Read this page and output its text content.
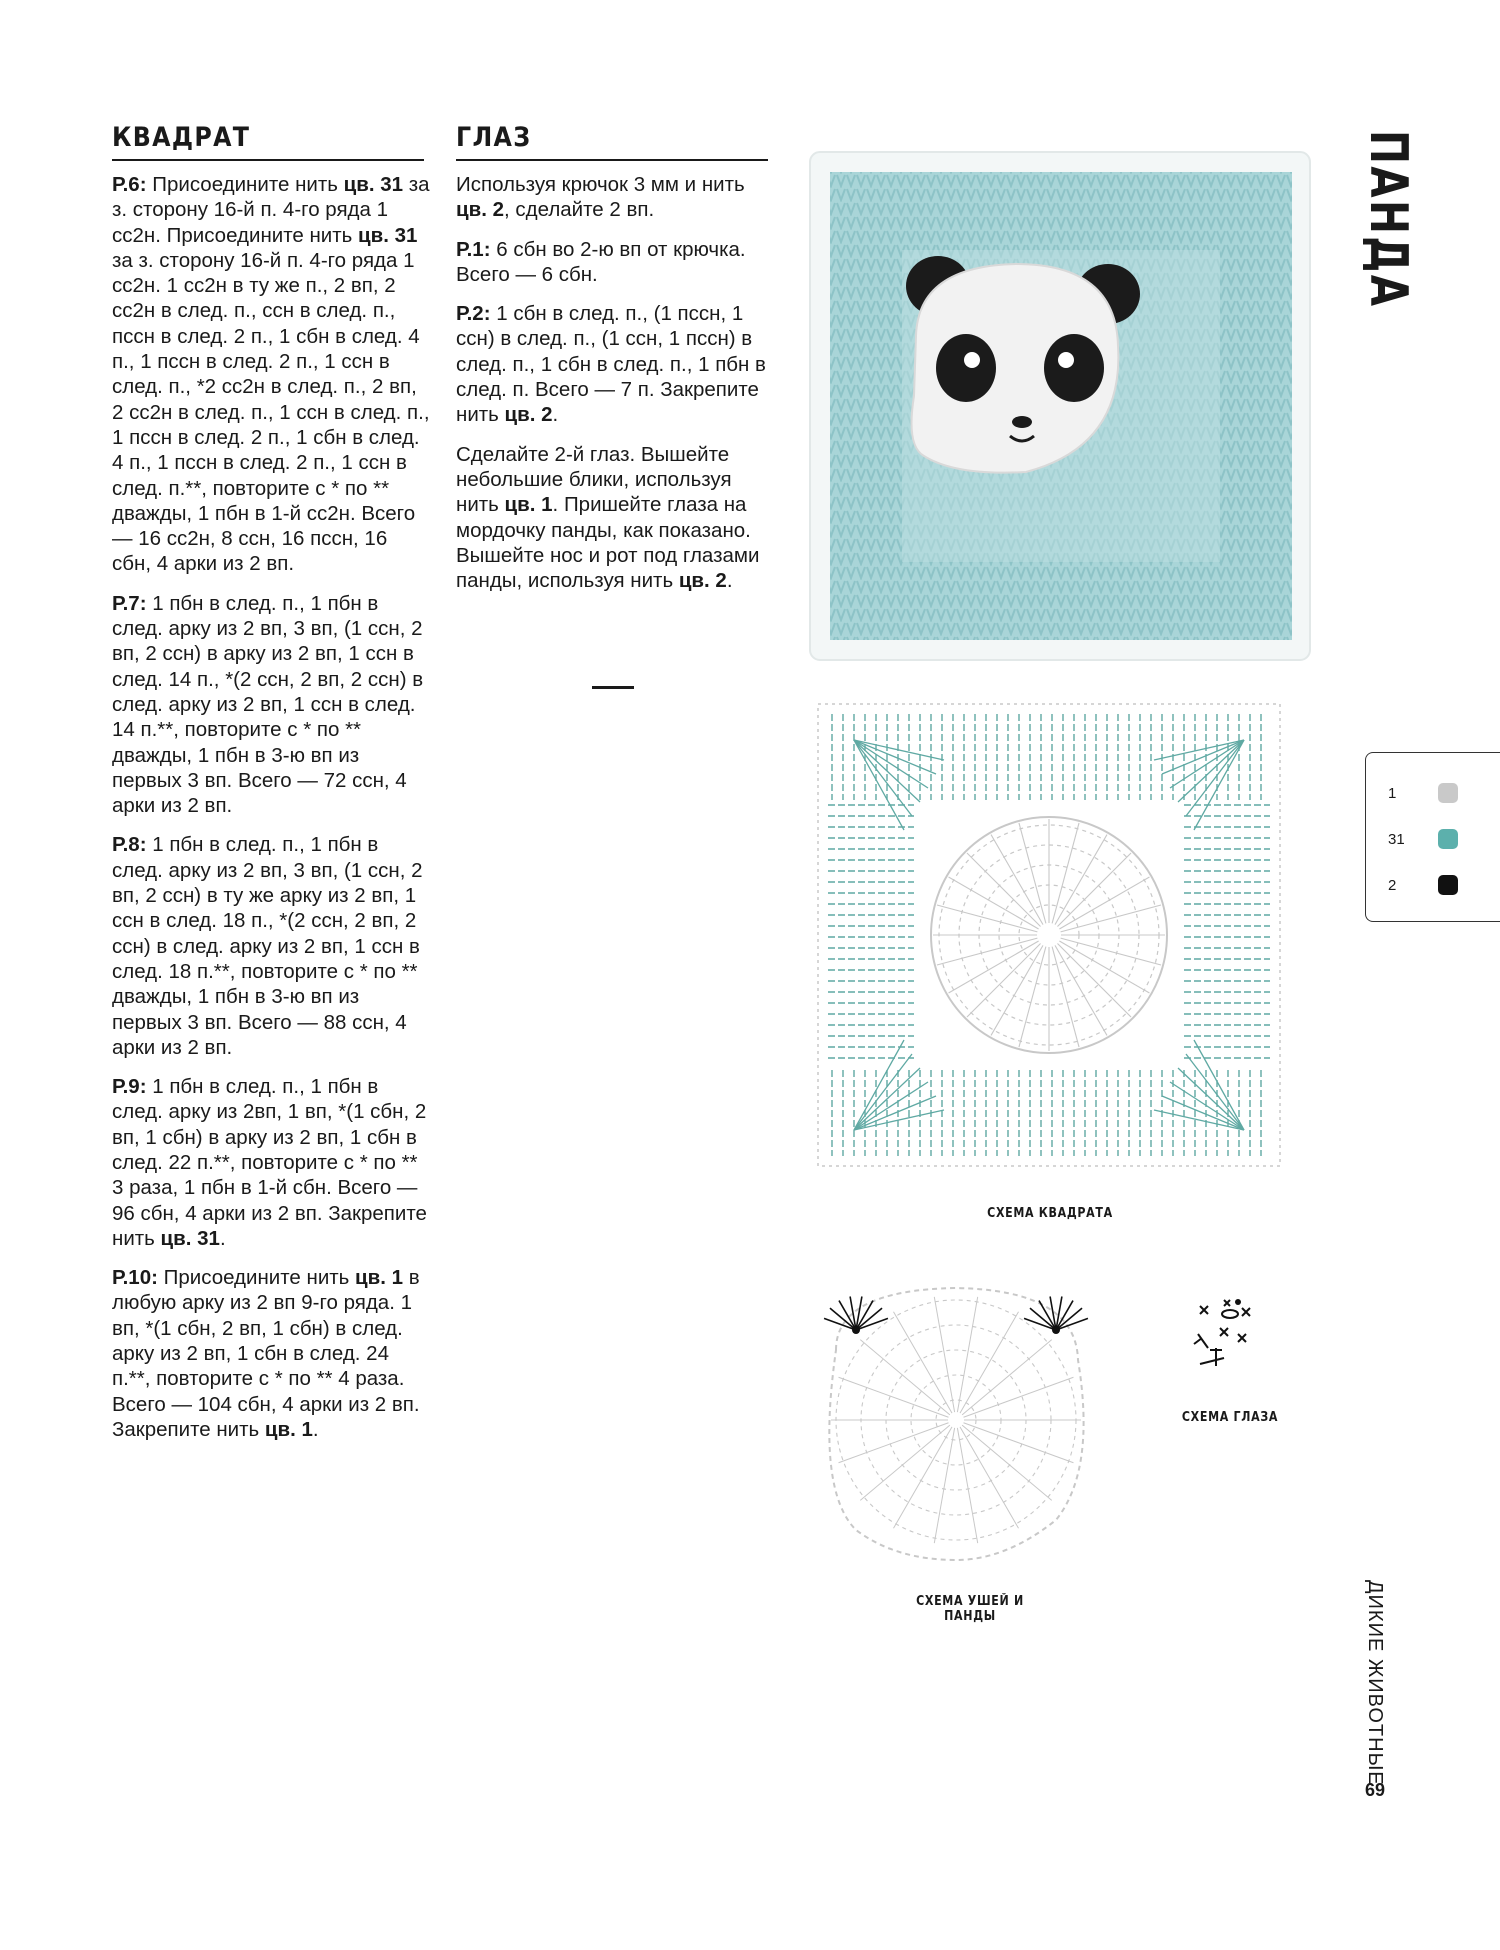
КВАДРАТ

Р.6: Присоедините нить цв. 31 за з. сторону 16-й п. 4-го ряда 1 сс2н. Присоедините нить цв. 31 за з. сторону 16-й п. 4-го ряда 1 сс2н. 1 сс2н в ту же п., 2 вп, 2 сс2н в след. п., ссн в след. п., пссн в след. 2 п., 1 сбн в след. 4 п., 1 пссн в след. 2 п., 1 ссн в след. п., *2 сс2н в след. п., 2 вп, 2 сс2н в след. п., 1 ссн в след. п., 1 пссн в след. 2 п., 1 сбн в след. 4 п., 1 пссн в след. 2 п., 1 ссн в след. п.**, повторите с * по ** дважды, 1 пбн в 1-й сс2н. Всего — 16 сс2н, 8 ссн, 16 пссн, 16 сбн, 4 арки из 2 вп.

Р.7: 1 пбн в след. п., 1 пбн в след. арку из 2 вп, 3 вп, (1 ссн, 2 вп, 2 ссн) в арку из 2 вп, 1 ссн в след. 14 п., *(2 ссн, 2 вп, 2 ссн) в след. арку из 2 вп, 1 ссн в след. 14 п.**, повторите с * по ** дважды, 1 пбн в 3-ю вп из первых 3 вп. Всего — 72 ссн, 4 арки из 2 вп.

Р.8: 1 пбн в след. п., 1 пбн в след. арку из 2 вп, 3 вп, (1 ссн, 2 вп, 2 ссн) в ту же арку из 2 вп, 1 ссн в след. 18 п., *(2 ссн, 2 вп, 2 ссн) в след. арку из 2 вп, 1 ссн в след. 18 п.**, повторите с * по ** дважды, 1 пбн в 3-ю вп из первых 3 вп. Всего — 88 ссн, 4 арки из 2 вп.

Р.9: 1 пбн в след. п., 1 пбн в след. арку из 2вп, 1 вп, *(1 сбн, 2 вп, 1 сбн) в арку из 2 вп, 1 сбн в след. 22 п.**, повторите с * по ** 3 раза, 1 пбн в 1-й сбн. Всего — 96 сбн, 4 арки из 2 вп. Закрепите нить цв. 31.

Р.10: Присоедините нить цв. 1 в любую арку из 2 вп 9-го ряда. 1 вп, *(1 сбн, 2 вп, 1 сбн) в след. арку из 2 вп, 1 сбн в след. 24 п.**, повторите с * по ** 4 раза. Всего — 104 сбн, 4 арки из 2 вп. Закрепите нить цв. 1.

ГЛАЗ

Используя крючок 3 мм и нить цв. 2, сделайте 2 вп.

Р.1: 6 сбн во 2-ю вп от крючка. Всего — 6 сбн.

Р.2: 1 сбн в след. п., (1 пссн, 1 ссн) в след. п., (1 ссн, 1 пссн) в след. п., 1 сбн в след. п., 1 пбн в след. п. Всего — 7 п. Закрепите нить цв. 2.

Сделайте 2-й глаз. Вышейте небольшие блики, используя нить цв. 1. Пришейте глаза на мордочку панды, как показано. Вышейте нос и рот под глазами панды, используя нить цв. 2.

СХЕМА КВАДРАТА
СХЕМА УШЕЙ И ПАНДЫ
СХЕМА ГЛАЗА
ПАНДА
1
31
2
ДИКИЕ ЖИВОТНЫЕ
69
